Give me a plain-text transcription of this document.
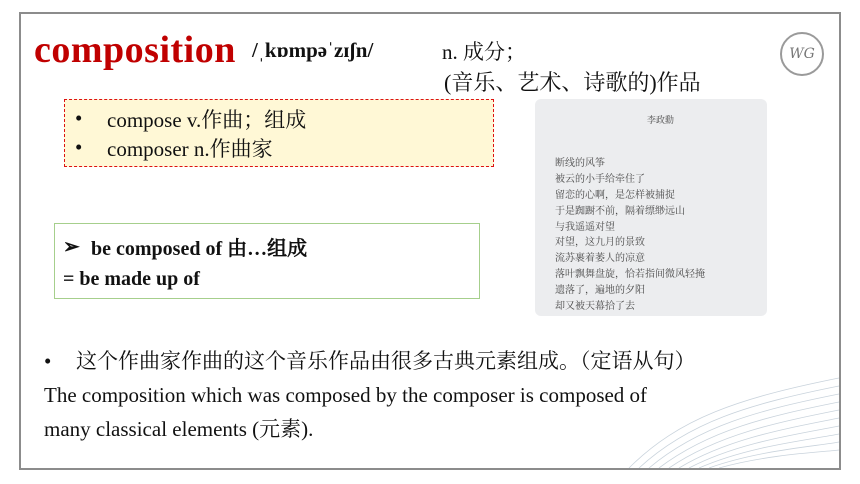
composition /ˌkɒmpəˈzɪʃn/	n. 成分；
(音乐、艺术、诗歌的)作品
WG
•	compose v.作曲；组成
•	composer n.作曲家
➢ be composed of 由…组成
= be made up of
李政勳
断线的风筝
被云的小手给牵住了
留恋的心啊，是怎样被捕捉
于是踟蹰不前，隔着缥缈远山
与我遥遥对望
对望，这九月的景致
流苏裹着萎人的凉意
落叶飘舞盘旋，恰若指间微风轻掩
遗落了，遍地的夕阳
却又被天幕拾了去
• 这个作曲家作曲的这个音乐作品由很多古典元素组成。（定语从句）
The composition which was composed by the composer is composed of
many classical elements (元素).
